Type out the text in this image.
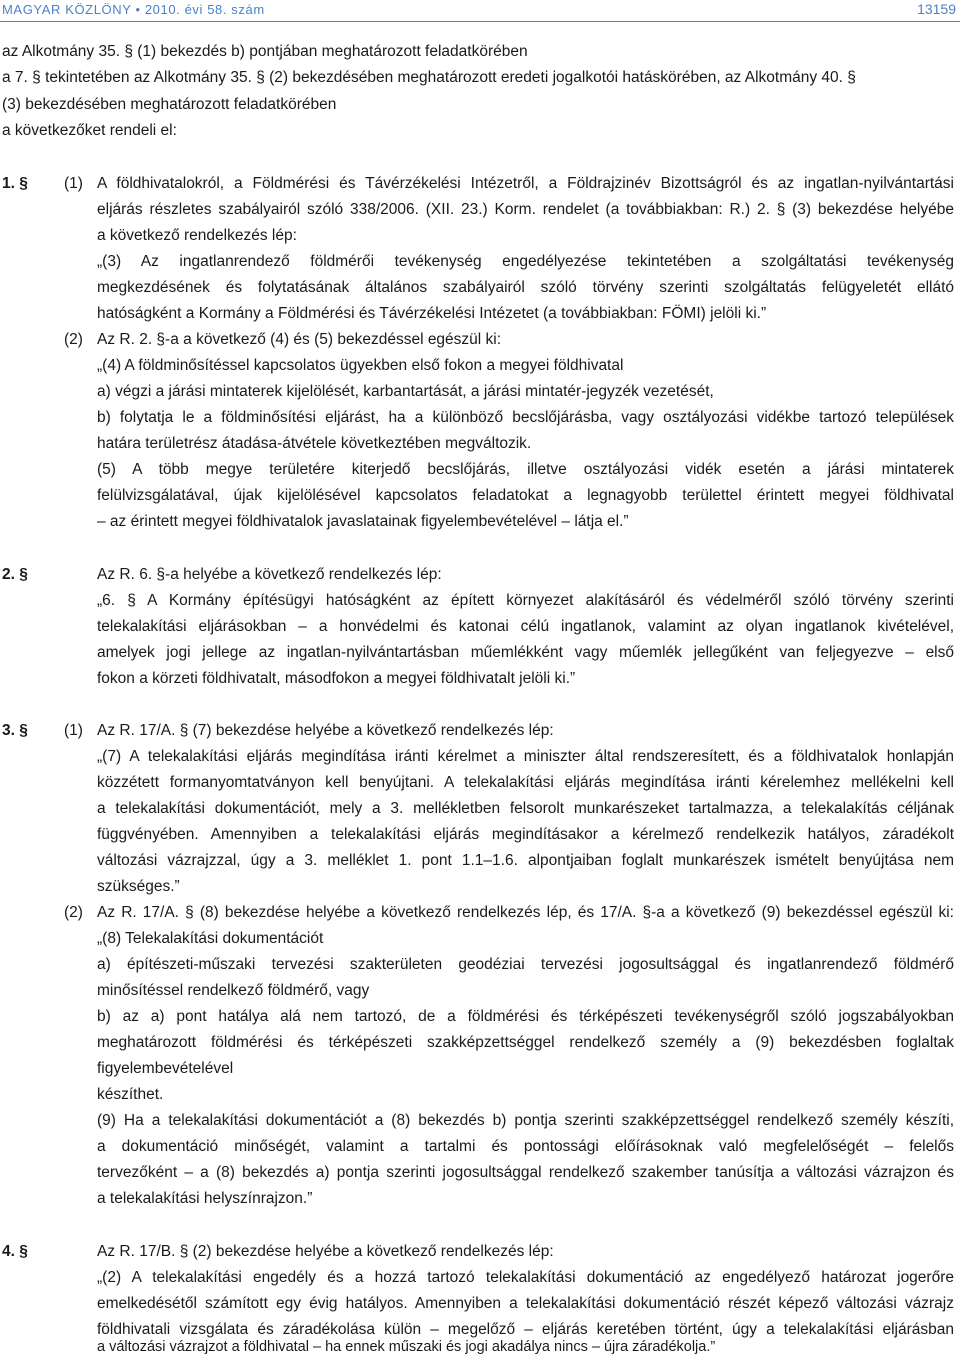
MAGYAR KÖZLÖNY • 2010. évi 58. szám	13159
az Alkotmány 35. § (1) bekezdés b) pontjában meghatározott feladatkörében
a 7. § tekintetében az Alkotmány 35. § (2) bekezdésében meghatározott eredeti jogalkotói hatáskörében, az Alkotmány 40. §
(3) bekezdésében meghatározott feladatkörében
a következőket rendeli el:
1. § (1) A földhivatalokról, a Földmérési és Távérzékelési Intézetről, a Földrajzinév Bizottságról és az ingatlan-nyilvántartási
eljárás részletes szabályairól szóló 338/2006. (XII. 23.) Korm. rendelet (a továbbiakban: R.) 2. § (3) bekezdése helyébe
a következő rendelkezés lép:
„(3) Az ingatlanrendező földmérői tevékenység engedélyezése tekintetében a szolgáltatási tevékenység
megkezdésének és folytatásának általános szabályairól szóló törvény szerinti szolgáltatás felügyeletét ellátó
hatóságként a Kormány a Földmérési és Távérzékelési Intézetet (a továbbiakban: FÖMI) jelöli ki.”
(2) Az R. 2. §-a a következő (4) és (5) bekezdéssel egészül ki:
„(4) A földminősítéssel kapcsolatos ügyekben első fokon a megyei földhivatal
a) végzi a járási mintaterek kijelölését, karbantartását, a járási mintatér-jegyzék vezetését,
b) folytatja le a földminősítési eljárást, ha a különböző becslőjárásba, vagy osztályozási vidékbe tartozó települések
határa területrész átadása-átvétele következtében megváltozik.
(5) A több megye területére kiterjedő becslőjárás, illetve osztályozási vidék esetén a járási mintaterek
felülvizsgálatával, újak kijelölésével kapcsolatos feladatokat a legnagyobb területtel érintett megyei földhivatal
– az érintett megyei földhivatalok javaslatainak figyelembevételével – látja el.”
2. §	Az R. 6. §-a helyébe a következő rendelkezés lép:
„6. § A Kormány építésügyi hatóságként az épített környezet alakításáról és védelméről szóló törvény szerinti
telekalakítási eljárásokban – a honvédelmi és katonai célú ingatlanok, valamint az olyan ingatlanok kivételével,
amelyek jogi jellege az ingatlan-nyilvántartásban műemlékként vagy műemlék jellegűként van feljegyezve – első
fokon a körzeti földhivatalt, másodfokon a megyei földhivatalt jelöli ki.”
3. § (1) Az R. 17/A. § (7) bekezdése helyébe a következő rendelkezés lép:
„(7) A telekalakítási eljárás megindítása iránti kérelmet a miniszter által rendszeresített, és a földhivatalok honlapján
közzétett formanyomtatványon kell benyújtani. A telekalakítási eljárás megindítása iránti kérelemhez mellékelni kell
a telekalakítási dokumentációt, mely a 3. mellékletben felsorolt munkarészeket tartalmazza, a telekalakítás céljának
függvényében. Amennyiben a telekalakítási eljárás megindításakor a kérelmező rendelkezik hatályos, záradékolt
változási vázrajzzal, úgy a 3. melléklet 1. pont 1.1–1.6. alpontjaiban foglalt munkarészek ismételt benyújtása nem
szükséges.”
(2) Az R. 17/A. § (8) bekezdése helyébe a következő rendelkezés lép, és 17/A. §-a a következő (9) bekezdéssel egészül ki:
„(8) Telekalakítási dokumentációt
a) építészeti-műszaki tervezési szakterületen geodéziai tervezési jogosultsággal és ingatlanrendező földmérő
minősítéssel rendelkező földmérő, vagy
b) az a) pont hatálya alá nem tartozó, de a földmérési és térképészeti tevékenységről szóló jogszabályokban
meghatározott földmérési és térképészeti szakképzettséggel rendelkező személy a (9) bekezdésben foglaltak
figyelembevételével
készíthet.
(9) Ha a telekalakítási dokumentációt a (8) bekezdés b) pontja szerinti szakképzettséggel rendelkező személy készíti,
a dokumentáció minőségét, valamint a tartalmi és pontossági előírásoknak való megfelelőségét – felelős
tervezőként – a (8) bekezdés a) pontja szerinti jogosultsággal rendelkező szakember tanúsítja a változási vázrajzon és
a telekalakítási helyszínrajzon.”
4. §	Az R. 17/B. § (2) bekezdése helyébe a következő rendelkezés lép:
„(2) A telekalakítási engedély és a hozzá tartozó telekalakítási dokumentáció az engedélyező határozat jogerőre
emelkedésétől számított egy évig hatályos. Amennyiben a telekalakítási dokumentáció részét képező változási vázrajz
földhivatali vizsgálata és záradékolása külön – megelőző – eljárás keretében történt, úgy a telekalakítási eljárásban
a változási vázrajzot a földhivatal – ha ennek műszaki és jogi akadálya nincs – újra záradékolja.”
